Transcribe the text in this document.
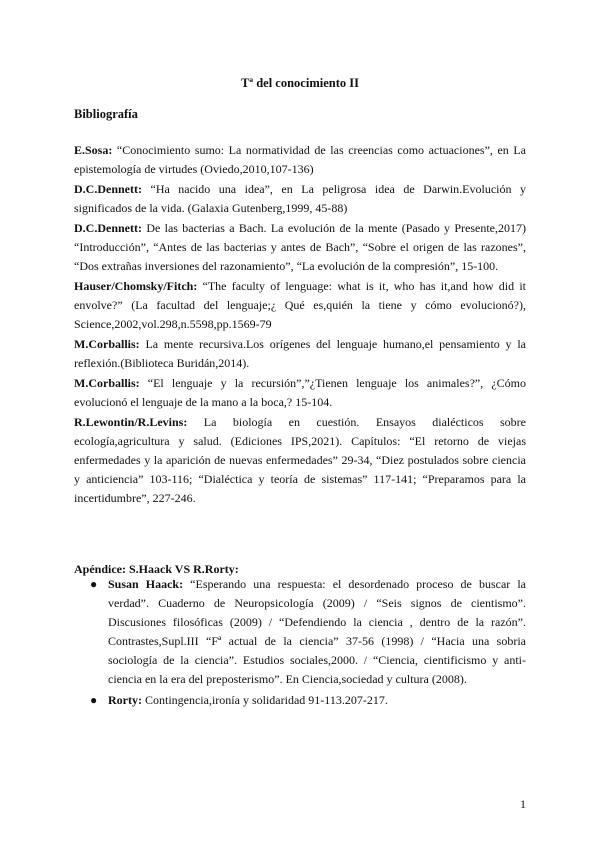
Tª del conocimiento II
Bibliografía
E.Sosa: “Conocimiento sumo: La normatividad de las creencias como actuaciones”, en La epistemología de virtudes (Oviedo,2010,107-136)
D.C.Dennett: “Ha nacido una idea”, en La peligrosa idea de Darwin.Evolución y significados de la vida. (Galaxia Gutenberg,1999, 45-88)
D.C.Dennett: De las bacterias a Bach. La evolución de la mente (Pasado y Presente,2017) “Introducción”, “Antes de las bacterias y antes de Bach”, “Sobre el origen de las razones”, “Dos extrañas inversiones del razonamiento”, “La evolución de la compresión”, 15-100.
Hauser/Chomsky/Fitch: “The faculty of lenguage: what is it, who has it,and how did it envolve?” (La facultad del lenguaje;¿ Qué es,quién la tiene y cómo evolucionó?), Science,2002,vol.298,n.5598,pp.1569-79
M.Corballis: La mente recursiva.Los orígenes del lenguaje humano,el pensamiento y la reflexión.(Biblioteca Buridán,2014).
M.Corballis: “El lenguaje y la recursión”,”¿Tienen lenguaje los animales?”, ¿Cómo evolucionó el lenguaje de la mano a la boca,? 15-104.
R.Lewontin/R.Levins: La biología en cuestión. Ensayos dialécticos sobre ecología,agricultura y salud. (Ediciones IPS,2021). Capítulos: “El retorno de viejas enfermedades y la aparición de nuevas enfermedades” 29-34, “Diez postulados sobre ciencia y anticiencia” 103-116; “Dialéctica y teoría de sistemas” 117-141; “Preparamos para la incertidumbre”, 227-246.
Apéndice: S.Haack VS R.Rorty:
● Susan Haack: “Esperando una respuesta: el desordenado proceso de buscar la verdad”. Cuaderno de Neuropsicología (2009) / “Seis signos de cientismo”. Discusiones filosóficas (2009) / “Defendiendo la ciencia , dentro de la razón”. Contrastes,Supl.III “Fª actual de la ciencia” 37-56 (1998) / “Hacia una sobria sociología de la ciencia”. Estudios sociales,2000. / “Ciencia, cientificismo y anti-ciencia en la era del preposterismo”. En Ciencia,sociedad y cultura (2008).
● Rorty: Contingencia,ironía y solidaridad 91-113.207-217.
1
